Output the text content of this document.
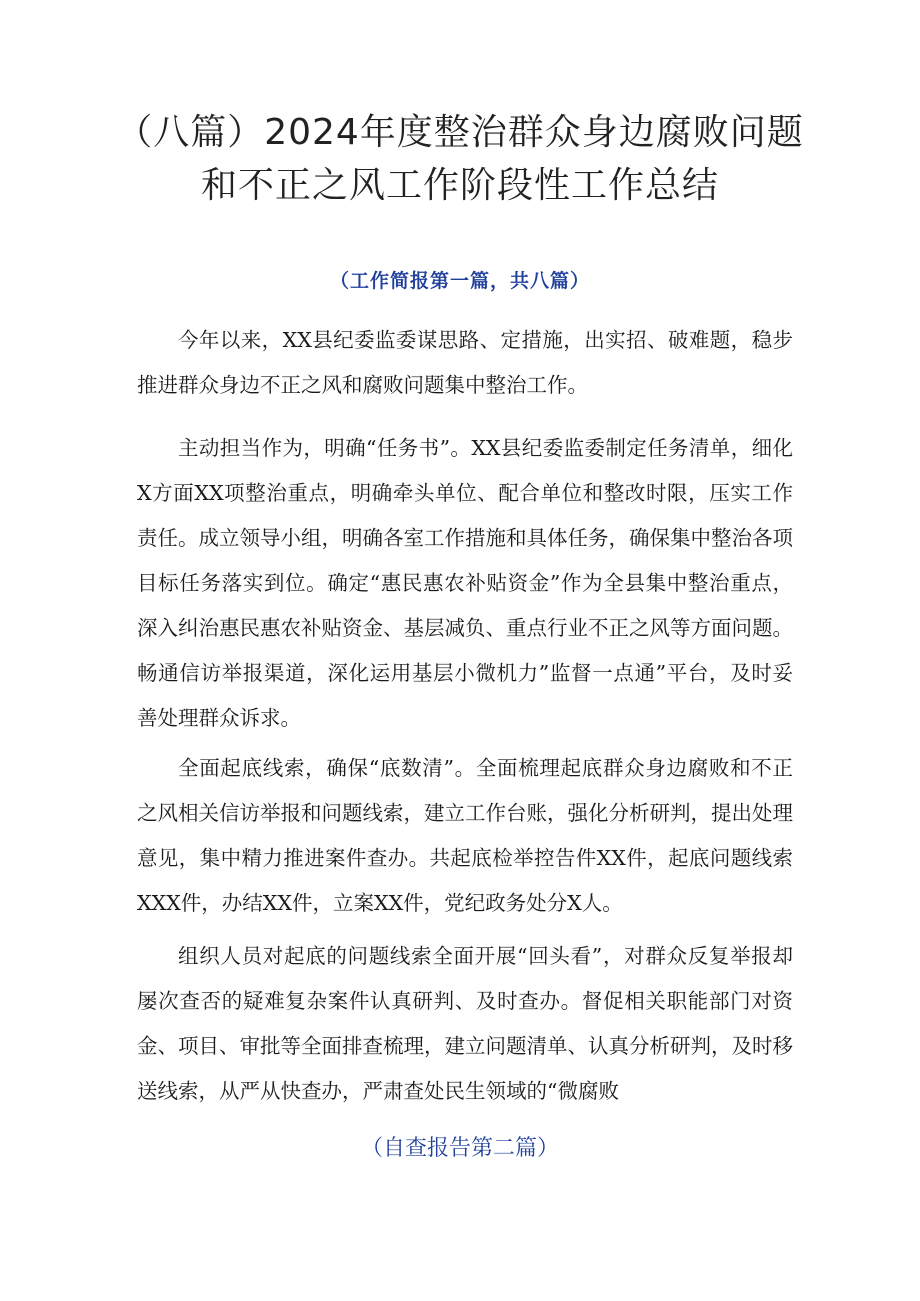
（八篇）2024年度整治群众身边腐败问题
和不正之风工作阶段性工作总结
（工作简报第一篇，共八篇）

今年以来，XX县纪委监委谋思路、定措施，出实招、破难题，稳步推进群众身边不正之风和腐败问题集中整治工作。

主动担当作为，明确“任务书”。XX县纪委监委制定任务清单，细化X方面XX项整治重点，明确牵头单位、配合单位和整改时限，压实工作责任。成立领导小组，明确各室工作措施和具体任务，确保集中整治各项目标任务落实到位。确定“惠民惠农补贴资金”作为全县集中整治重点，深入纠治惠民惠农补贴资金、基层减负、重点行业不正之风等方面问题。畅通信访举报渠道，深化运用基层小微机力”监督一点通”平台，及时妥善处理群众诉求。

全面起底线索，确保“底数清”。全面梳理起底群众身边腐败和不正之风相关信访举报和问题线索，建立工作台账，强化分析研判，提出处理意见，集中精力推进案件查办。共起底检举控告件XX件，起底问题线索XXX件，办结XX件，立案XX件，党纪政务处分X人。

组织人员对起底的问题线索全面开展“回头看”，对群众反复举报却屡次查否的疑难复杂案件认真研判、及时查办。督促相关职能部门对资金、项目、审批等全面排查梳理，建立问题清单、认真分析研判，及时移送线索，从严从快查办，严肃查处民生领域的“微腐败

（自查报告第二篇）
